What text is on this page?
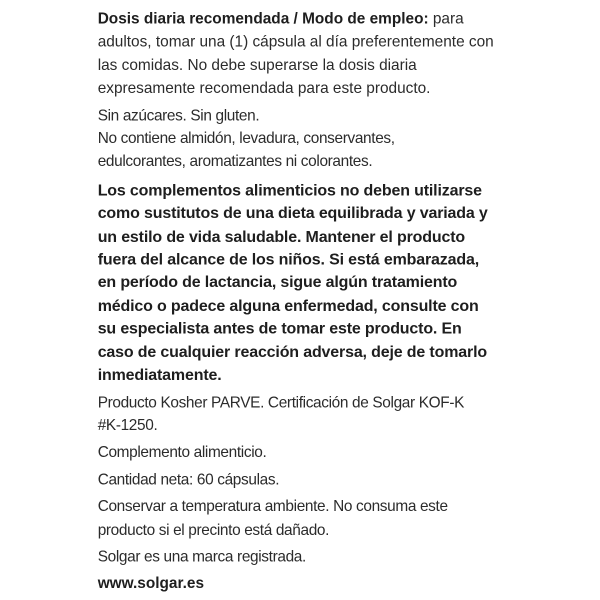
Dosis diaria recomendada / Modo de empleo: para
adultos, tomar una (1) cápsula al día preferentemente con
las comidas. No debe superarse la dosis diaria
expresamente recomendada para este producto.

Sin azúcares. Sin gluten.

No contiene almidón, levadura, conservantes,
edulcorantes, aromatizantes ni colorantes.

Los complementos alimenticios no deben utilizarse
como sustitutos de una dieta equilibrada y variada y
un estilo de vida saludable. Mantener el producto
fuera del alcance de los niños. Si está embarazada,
en período de lactancia, sigue algún tratamiento
médico o padece alguna enfermedad, consulte con
su especialista antes de tomar este producto. En
caso de cualquier reacción adversa, deje de tomarlo
inmediatamente.

Producto Kosher PARVE. Certificación de Solgar KOF-K
#K-1250.

Complemento alimenticio.

Cantidad neta: 60 cápsulas.

Conservar a temperatura ambiente. No consuma este
producto si el precinto está dañado.

Solgar es una marca registrada.

www.solgar.es
